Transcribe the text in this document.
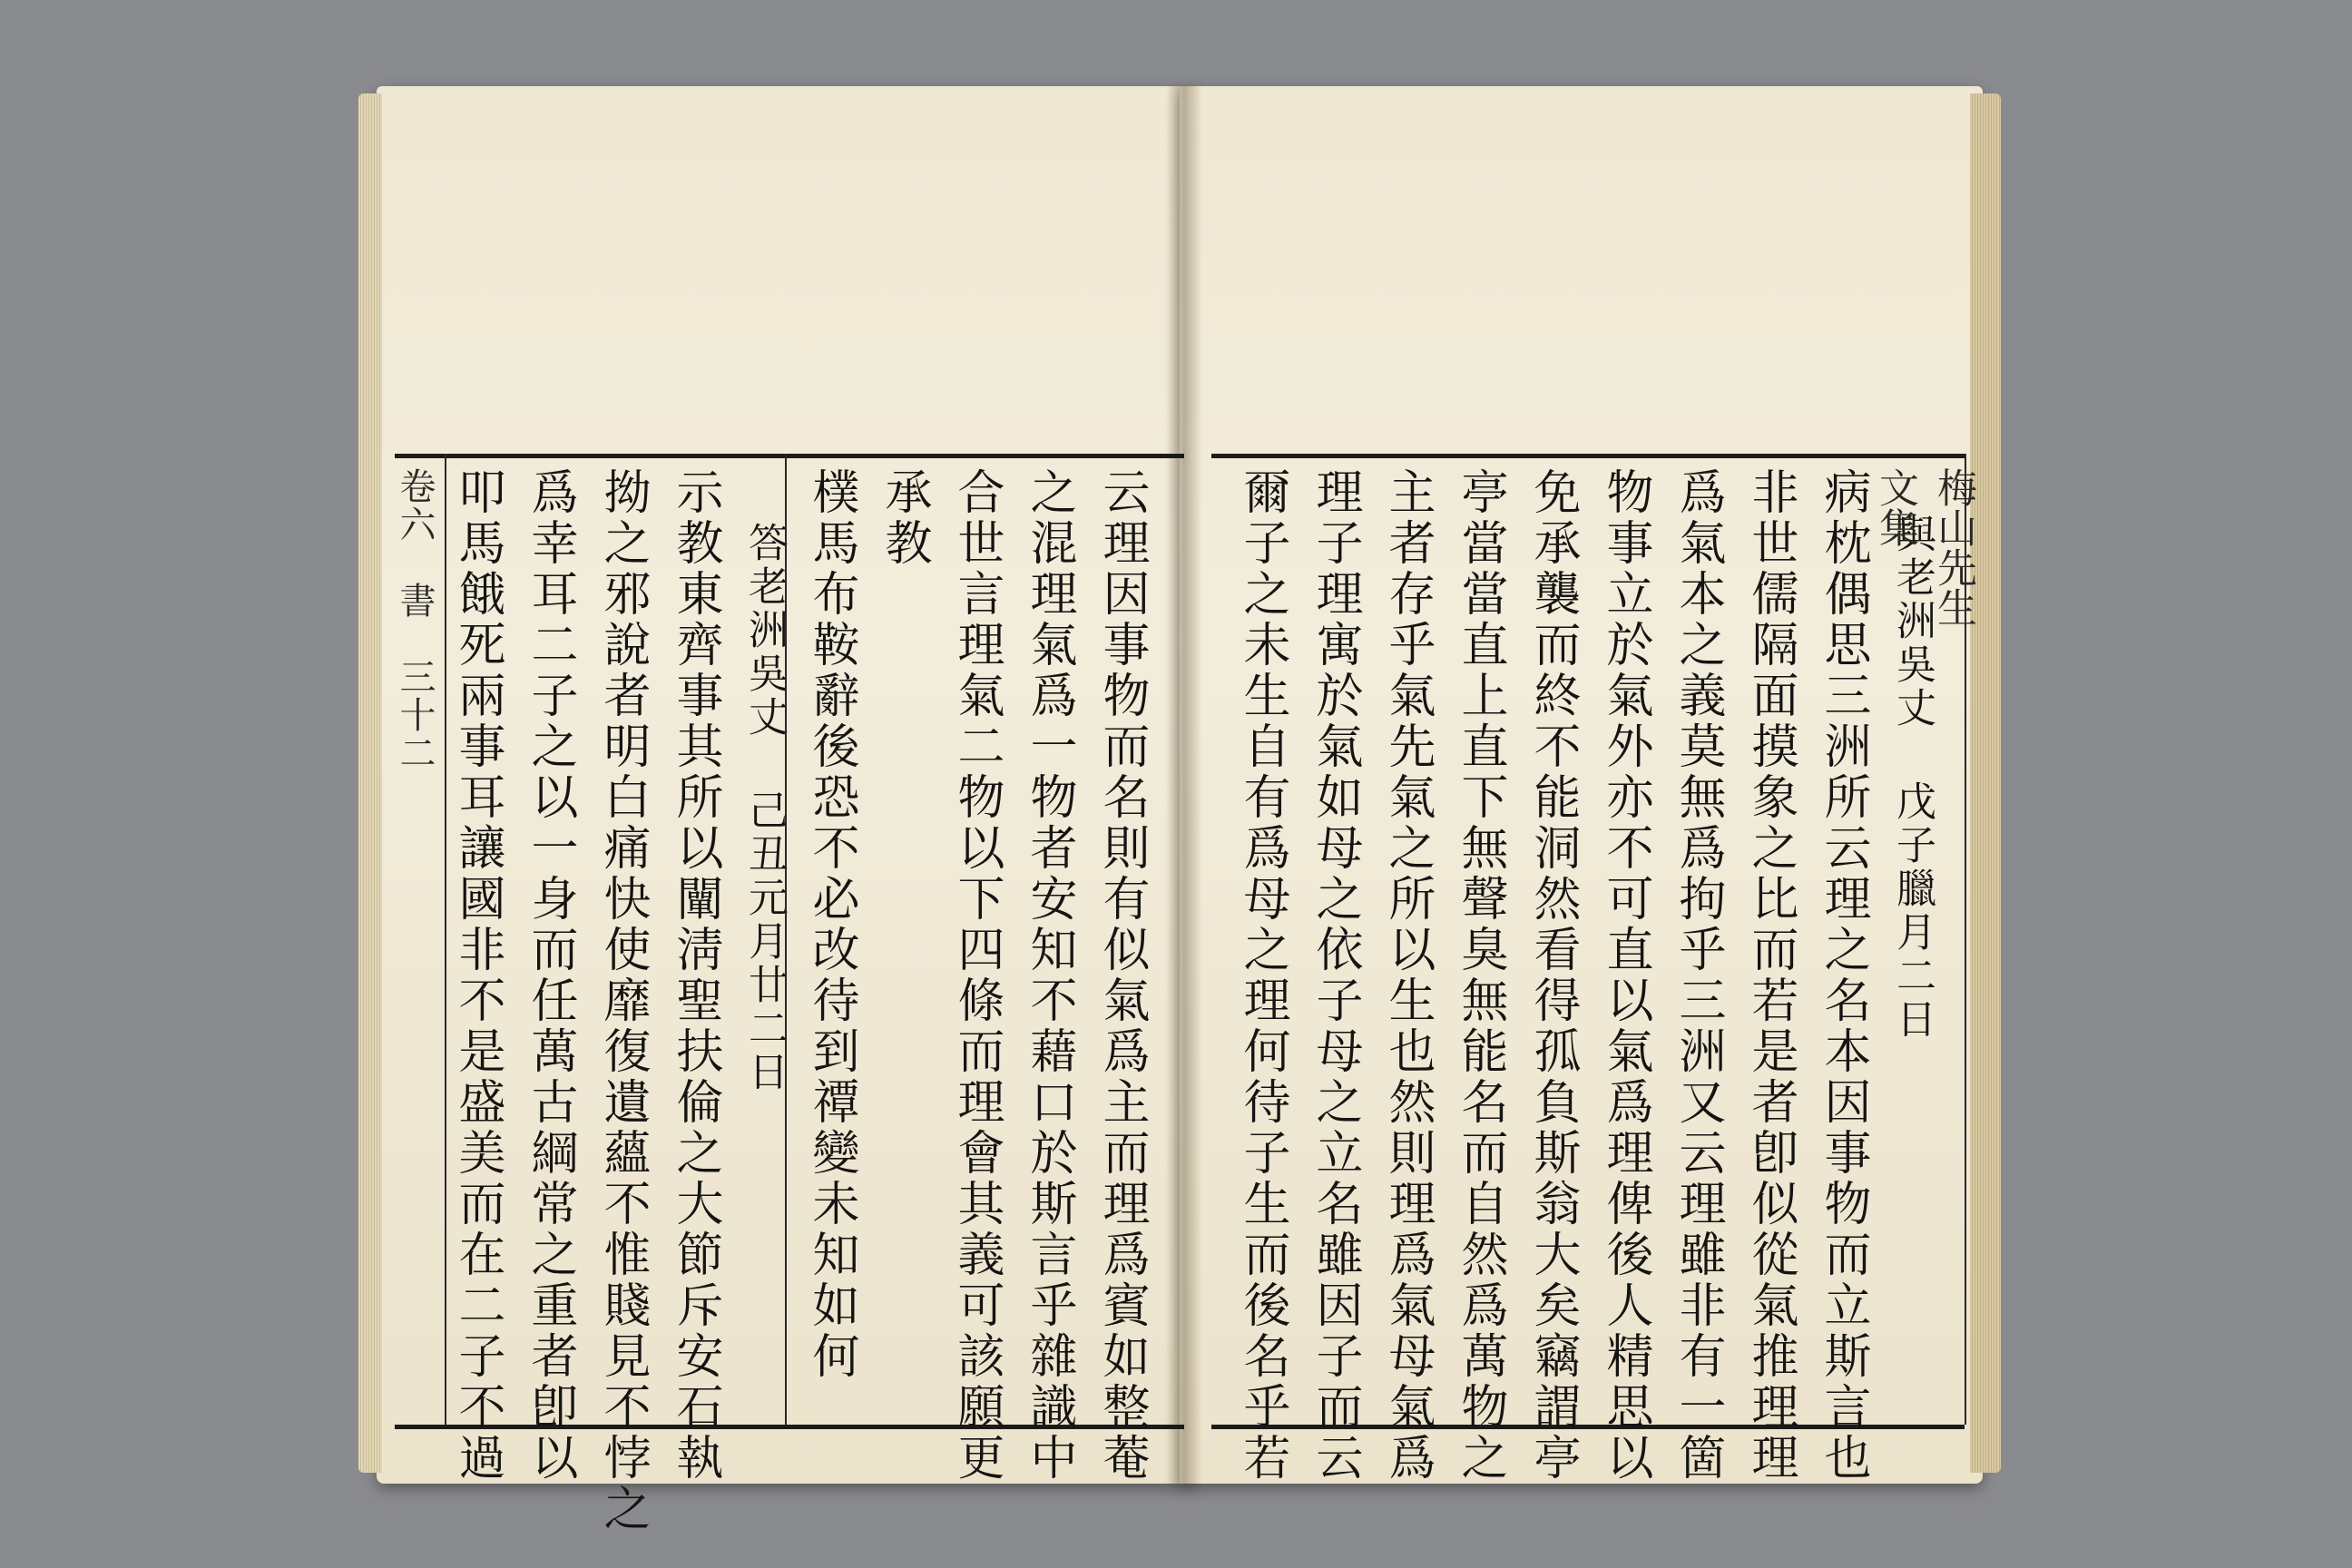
卷六　書　三十二	云理因事物而名則有似氣爲主而理爲賓如整菴
之混理氣爲一物者安知不藉口於斯言乎雜識中
合世言理氣二物以下四條而理會其義可該願更
承教
樸馬布鞍辭後恐不必改待到禫變未知如何
答老洲吳丈 己丑元月廿二日
示教東齊事其所以闡淸聖扶倫之大節斥安石執
拗之邪說者明白痛快使靡復遺蘊不惟賤見不悖之
爲幸耳二子之以一身而任萬古綱常之重者卽以
叩馬餓死兩事耳讓國非不是盛美而在二子不過	與老洲吳丈 戊子臘月二日
病枕偶思三洲所云理之名本因事物而立斯言也
非世儒隔面摸象之比而若是者卽似從氣推理理
爲氣本之義莫無爲拘乎三洲又云理雖非有一箇
物事立於氣外亦不可直以氣爲理俾後人精思以
免承襲而終不能洞然看得孤負斯翁大矣竊謂亭
亭當當直上直下無聲臭無能名而自然爲萬物之
主者存乎氣先氣之所以生也然則理爲氣母氣爲
理子理寓於氣如母之依子母之立名雖因子而云
爾子之未生自有爲母之理何待子生而後名乎若	梅山先生文集
